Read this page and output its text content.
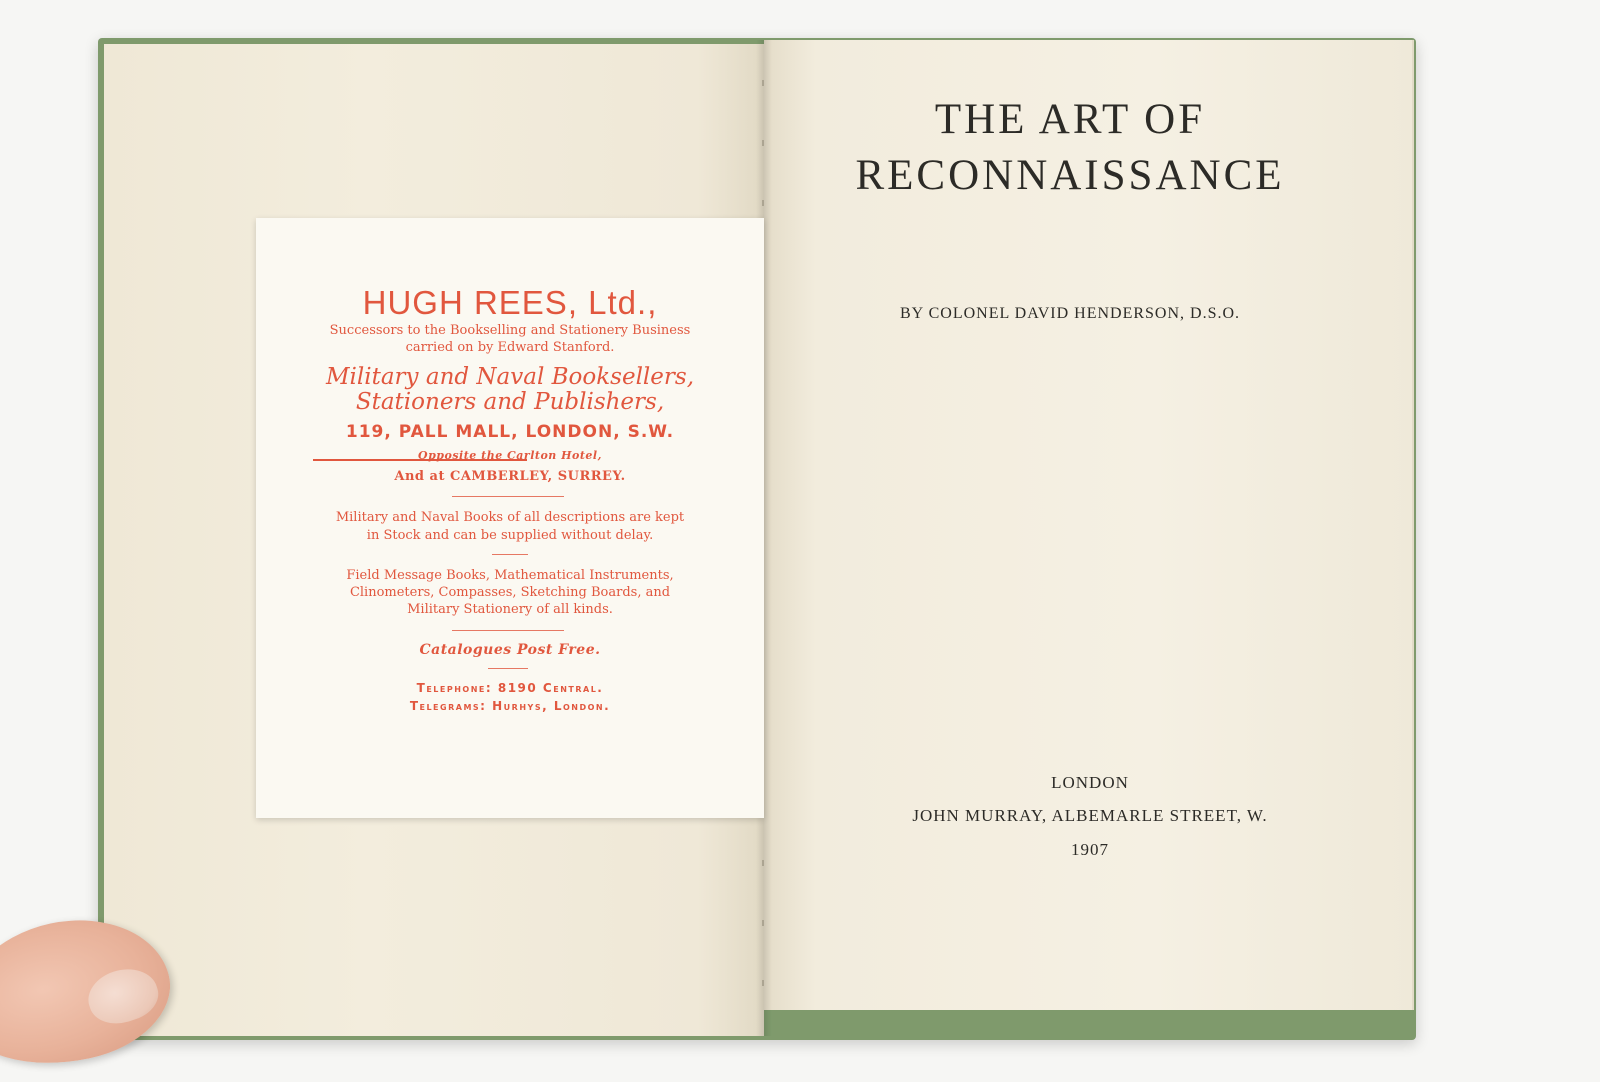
HUGH REES, Ltd.,
Successors to the Bookselling and Stationery Business
carried on by Edward Stanford.
Military and Naval Booksellers,
Stationers and Publishers,
119, PALL MALL, LONDON, S.W.
Opposite the Carlton Hotel,
And at CAMBERLEY, SURREY.
Military and Naval Books of all descriptions are kept
in Stock and can be supplied without delay.
Field Message Books, Mathematical Instruments,
Clinometers, Compasses, Sketching Boards, and
Military Stationery of all kinds.
Catalogues Post Free.
Telephone: 8190 Central.
Telegrams: Hurhys, London.
THE ART OF
RECONNAISSANCE
BY COLONEL DAVID HENDERSON, D.S.O.
LONDON
JOHN MURRAY, ALBEMARLE STREET, W.
1907
